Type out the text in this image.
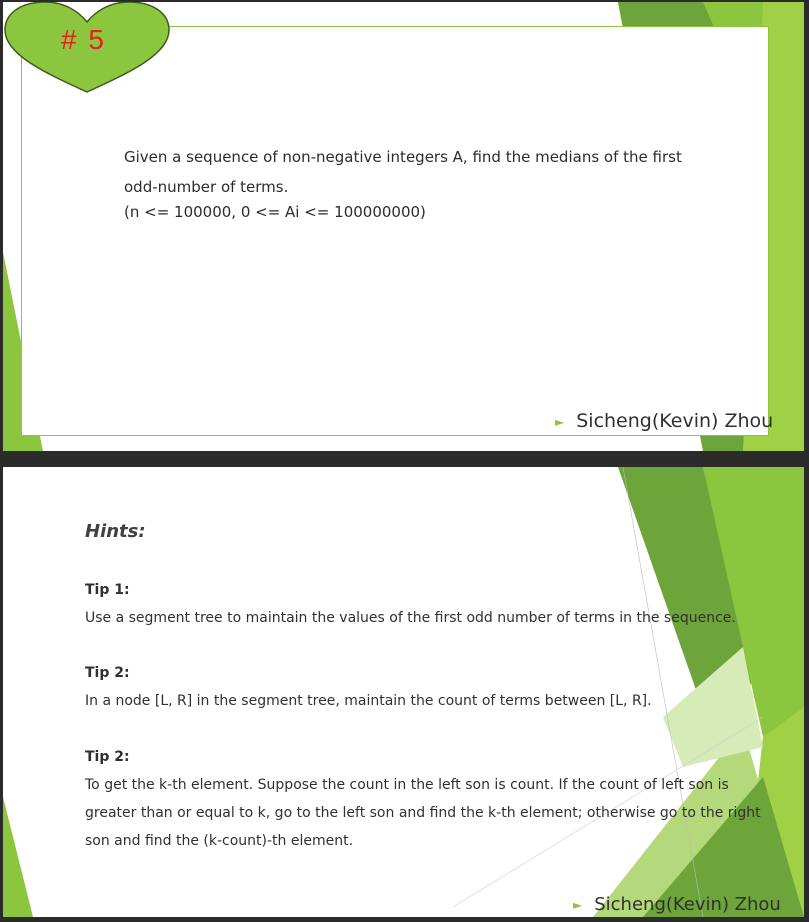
# 5
Given a sequence of non-negative integers A, find the medians of the first odd-number of terms.
(n <= 100000, 0 <= Ai <= 100000000)
► Sicheng(Kevin) Zhou
Hints:
Tip 1:
Use a segment tree to maintain the values of the first odd number of terms in the sequence.
Tip 2:
In a node [L, R] in the segment tree, maintain the count of terms between [L, R].
Tip 2:
To get the k-th element. Suppose the count in the left son is count. If the count of left son is greater than or equal to k, go to the left son and find the k-th element; otherwise go to the right son and find the (k-count)-th element.
► Sicheng(Kevin) Zhou
